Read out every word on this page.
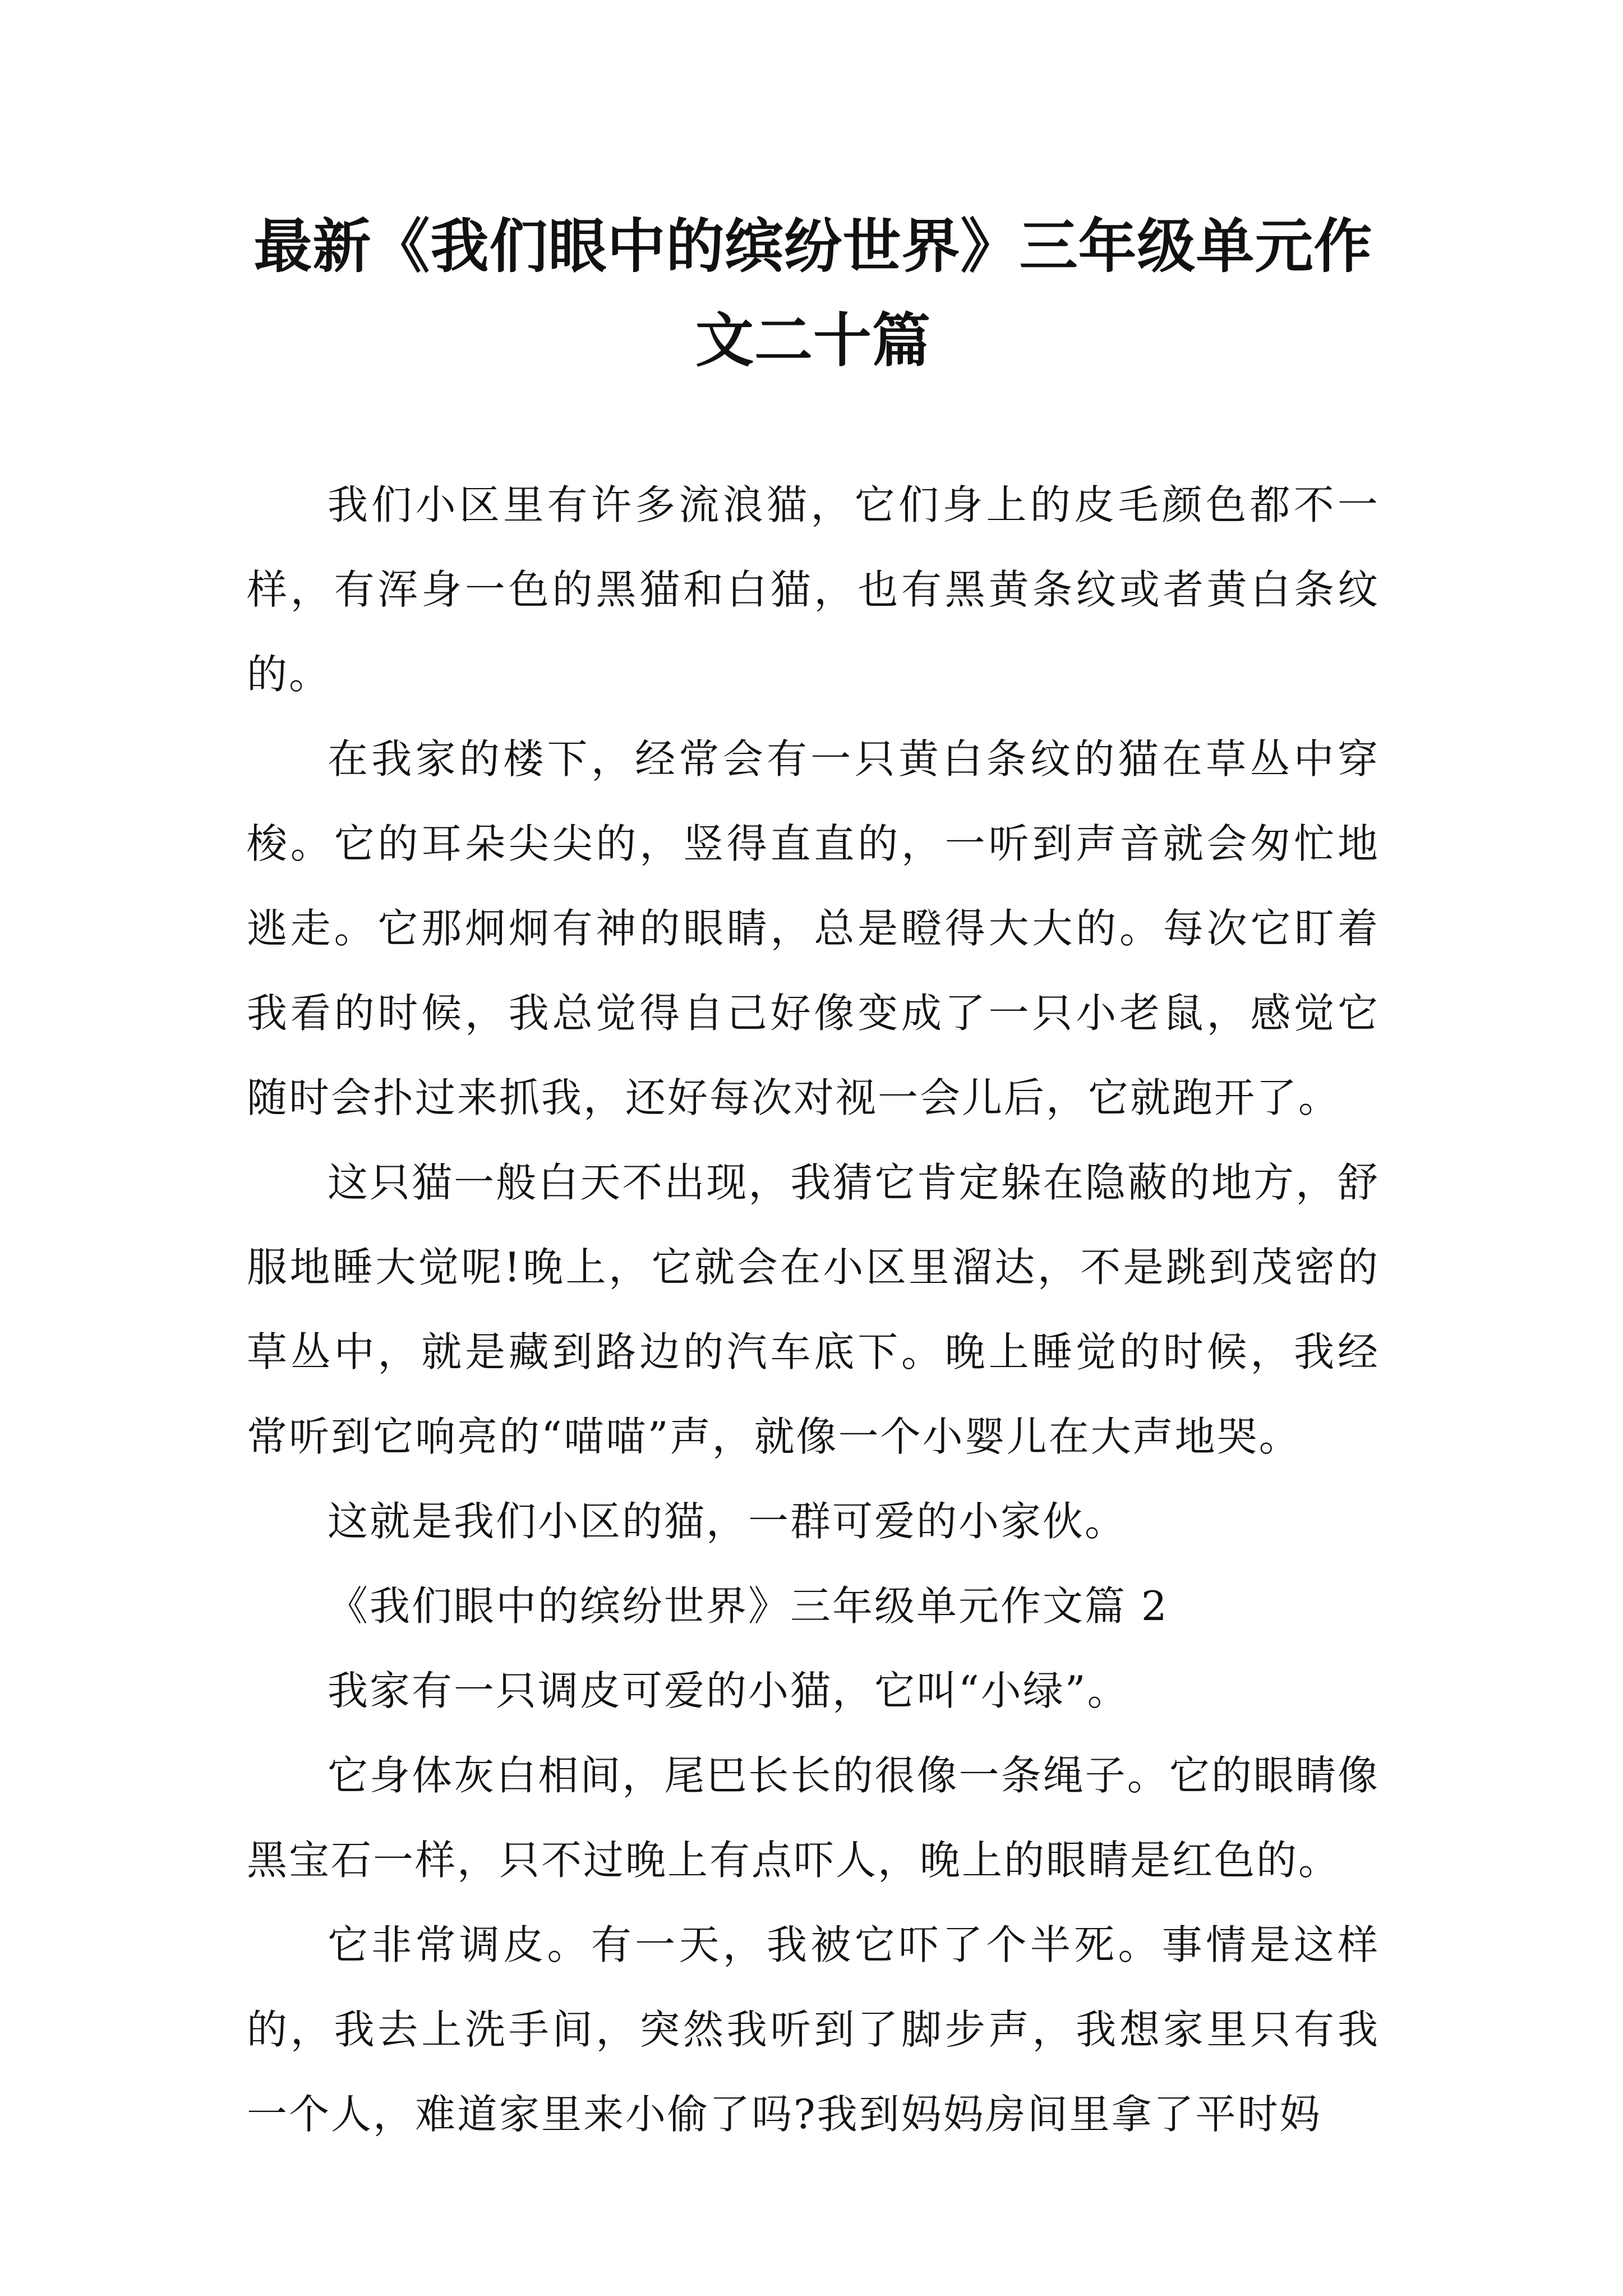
最新《我们眼中的缤纷世界》三年级单元作文二十篇

我们小区里有许多流浪猫，它们身上的皮毛颜色都不一样，有浑身一色的黑猫和白猫，也有黑黄条纹或者黄白条纹的。

在我家的楼下，经常会有一只黄白条纹的猫在草丛中穿梭。它的耳朵尖尖的，竖得直直的，一听到声音就会匆忙地逃走。它那炯炯有神的眼睛，总是瞪得大大的。每次它盯着我看的时候，我总觉得自己好像变成了一只小老鼠，感觉它随时会扑过来抓我，还好每次对视一会儿后，它就跑开了。

这只猫一般白天不出现，我猜它肯定躲在隐蔽的地方，舒服地睡大觉呢!晚上，它就会在小区里溜达，不是跳到茂密的草丛中，就是藏到路边的汽车底下。晚上睡觉的时候，我经常听到它响亮的“喵喵”声，就像一个小婴儿在大声地哭。

这就是我们小区的猫，一群可爱的小家伙。

《我们眼中的缤纷世界》三年级单元作文篇 2

我家有一只调皮可爱的小猫，它叫“小绿”。

它身体灰白相间，尾巴长长的很像一条绳子。它的眼睛像黑宝石一样，只不过晚上有点吓人，晚上的眼睛是红色的。

它非常调皮。有一天，我被它吓了个半死。事情是这样的，我去上洗手间，突然我听到了脚步声，我想家里只有我一个人，难道家里来小偷了吗?我到妈妈房间里拿了平时妈
